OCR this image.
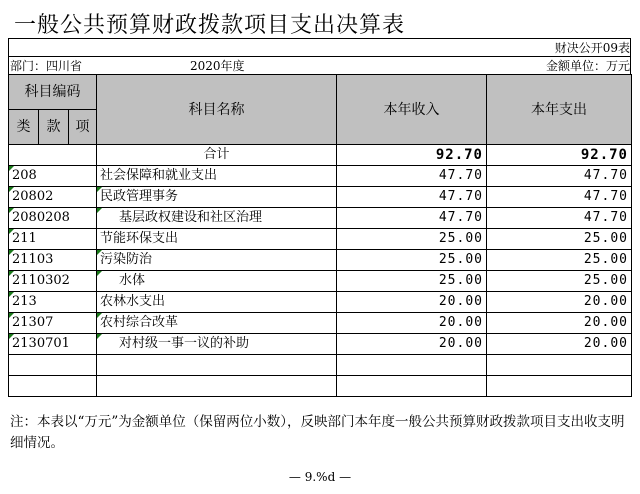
一般公共预算财政拨款项目支出决算表
财决公开09表
部门：四川省	2020年度	金额单位：万元
科目编码			科目名称	本年收入	本年支出
类	款	项			
			合计	92.70	92.70
208			社会保障和就业支出	47.70	47.70
20802			民政管理事务	47.70	47.70
2080208			基层政权建设和社区治理	47.70	47.70
211			节能环保支出	25.00	25.00
21103			污染防治	25.00	25.00
2110302			水体	25.00	25.00
213			农林水支出	20.00	20.00
21307			农村综合改革	20.00	20.00
2130701			对村级一事一议的补助	20.00	20.00

注：本表以“万元”为金额单位（保留两位小数），反映部门本年度一般公共预算财政拨款项目支出收支明细情况。
— 9.%d —
